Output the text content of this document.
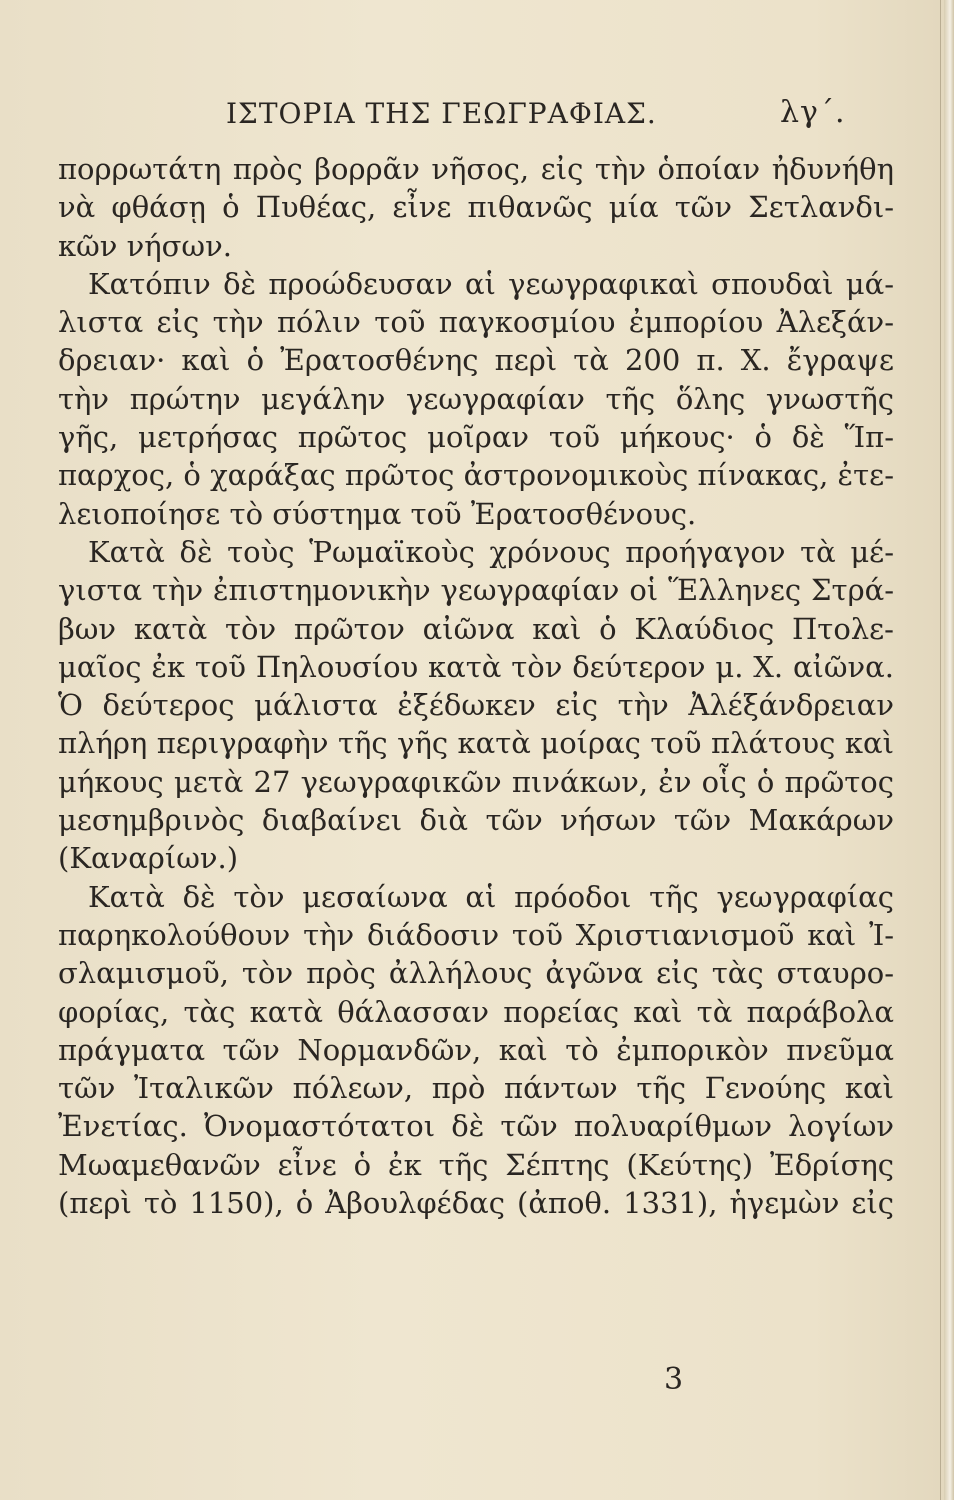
ΙΣΤΟΡΙΑ ΤΗΣ ΓΕΩΓΡΑΦΙΑΣ.	λγ΄.
πορρωτάτη πρὸς βορρᾶν νῆσος, εἰς τὴν ὁποίαν ἠδυνήθη
νὰ φθάσῃ ὁ Πυθέας, εἶνε πιθανῶς μία τῶν Σετλανδι-
κῶν νήσων.
Κατόπιν δὲ προώδευσαν αἱ γεωγραφικαὶ σπουδαὶ μά-
λιστα εἰς τὴν πόλιν τοῦ παγκοσμίου ἐμπορίου Ἀλεξάν-
δρειαν· καὶ ὁ Ἐρατοσθένης περὶ τὰ 200 π. Χ. ἔγραψε
τὴν πρώτην μεγάλην γεωγραφίαν τῆς ὅλης γνωστῆς
γῆς, μετρήσας πρῶτος μοῖραν τοῦ μήκους· ὁ δὲ Ἵπ-
παρχος, ὁ χαράξας πρῶτος ἀστρονομικοὺς πίνακας, ἐτε-
λειοποίησε τὸ σύστημα τοῦ Ἐρατοσθένους.
Κατὰ δὲ τοὺς Ῥωμαϊκοὺς χρόνους προήγαγον τὰ μέ-
γιστα τὴν ἐπιστημονικὴν γεωγραφίαν οἱ Ἕλληνες Στρά-
βων κατὰ τὸν πρῶτον αἰῶνα καὶ ὁ Κλαύδιος Πτολε-
μαῖος ἐκ τοῦ Πηλουσίου κατὰ τὸν δεύτερον μ. Χ. αἰῶνα.
Ὁ δεύτερος μάλιστα ἐξέδωκεν εἰς τὴν Ἀλέξάνδρειαν
πλήρη περιγραφὴν τῆς γῆς κατὰ μοίρας τοῦ πλάτους καὶ
μήκους μετὰ 27 γεωγραφικῶν πινάκων, ἐν οἷς ὁ πρῶτος
μεσημβρινὸς διαβαίνει διὰ τῶν νήσων τῶν Μακάρων
(Καναρίων.)
Κατὰ δὲ τὸν μεσαίωνα αἱ πρόοδοι τῆς γεωγραφίας
παρηκολούθουν τὴν διάδοσιν τοῦ Χριστιανισμοῦ καὶ Ἰ-
σλαμισμοῦ, τὸν πρὸς ἀλλήλους ἀγῶνα εἰς τὰς σταυρο-
φορίας, τὰς κατὰ θάλασσαν πορείας καὶ τὰ παράβολα
πράγματα τῶν Νορμανδῶν, καὶ τὸ ἐμπορικὸν πνεῦμα
τῶν Ἰταλικῶν πόλεων, πρὸ πάντων τῆς Γενούης καὶ
Ἐνετίας. Ὀνομαστότατοι δὲ τῶν πολυαρίθμων λογίων
Μωαμεθανῶν εἶνε ὁ ἐκ τῆς Σέπτης (Κεύτης) Ἐδρίσης
(περὶ τὸ 1150), ὁ Ἀβουλφέδας (ἀποθ. 1331), ἡγεμὼν εἰς
3
